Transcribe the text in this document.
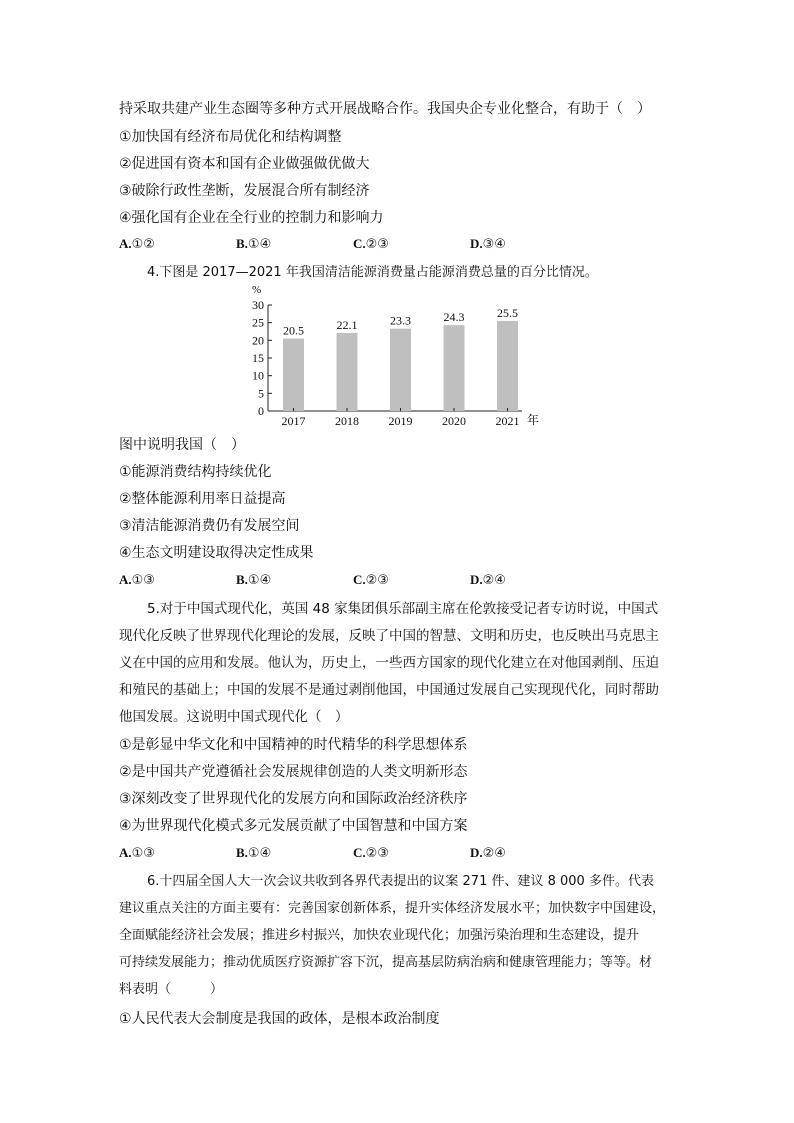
持采取共建产业生态圈等多种方式开展战略合作。我国央企专业化整合，有助于（　）
①加快国有经济布局优化和结构调整
②促进国有资本和国有企业做强做优做大
③破除行政性垄断，发展混合所有制经济
④强化国有企业在全行业的控制力和影响力
A.①②	B.①④	C.②③	D.③④
4.下图是 2017—2021 年我国清洁能源消费量占能源消费总量的百分比情况。
%
20.5	22.1	23.3	24.3	25.5
2017 2018 2019 2020 2021
0
5
10
15
20
25
30
年
图中说明我国（　）
①能源消费结构持续优化
②整体能源利用率日益提高
③清洁能源消费仍有发展空间
④生态文明建设取得决定性成果
A.①③	B.①④	C.②③	D.②④
5.对于中国式现代化，英国 48 家集团俱乐部副主席在伦敦接受记者专访时说，中国式
现代化反映了世界现代化理论的发展，反映了中国的智慧、文明和历史，也反映出马克思主
义在中国的应用和发展。他认为，历史上，一些西方国家的现代化建立在对他国剥削、压迫
和殖民的基础上；中国的发展不是通过剥削他国，中国通过发展自己实现现代化，同时帮助
他国发展。这说明中国式现代化（　）
①是彰显中华文化和中国精神的时代精华的科学思想体系
②是中国共产党遵循社会发展规律创造的人类文明新形态
③深刻改变了世界现代化的发展方向和国际政治经济秩序
④为世界现代化模式多元发展贡献了中国智慧和中国方案
A.①③	B.①④	C.②③	D.②④
6.十四届全国人大一次会议共收到各界代表提出的议案 271 件、建议 8 000 多件。代表
建议重点关注的方面主要有：完善国家创新体系，提升实体经济发展水平；加快数字中国建设，
全面赋能经济社会发展；推进乡村振兴，加快农业现代化；加强污染治理和生态建设，提升
可持续发展能力；推动优质医疗资源扩容下沉，提高基层防病治病和健康管理能力；等等。材
料表明（　　　）
①人民代表大会制度是我国的政体，是根本政治制度
